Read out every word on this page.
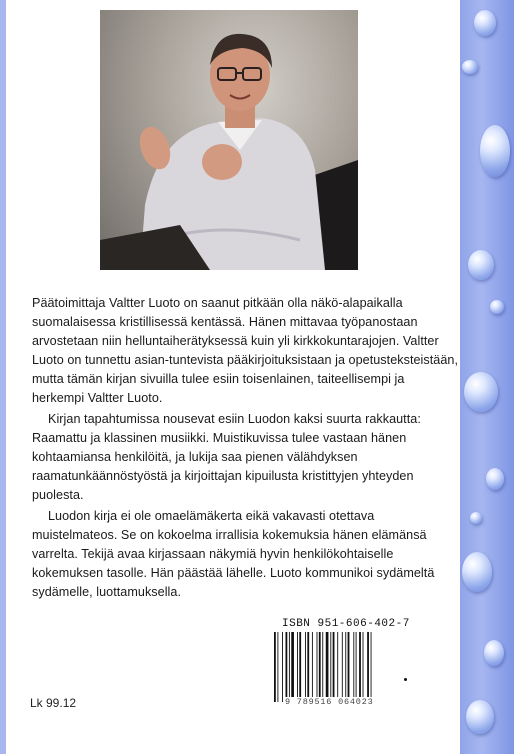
Päätoimittaja Valtter Luoto on saanut pitkään olla näkö-alapaikalla suomalaisessa kristillisessä kentässä. Hänen mittavaa työpanostaan arvostetaan niin helluntaiherätyksessä kuin yli kirkkokuntarajojen. Valtter Luoto on tunnettu asian-tuntevista pääkirjoituksistaan ja opetusteksteistään, mutta tämän kirjan sivuilla tulee esiin toisenlainen, taiteellisempi ja herkempi Valtter Luoto.

Kirjan tapahtumissa nousevat esiin Luodon kaksi suurta rakkautta: Raamattu ja klassinen musiikki. Muistikuvissa tulee vastaan hänen kohtaamiansa henkilöitä, ja lukija saa pienen välähdyksen raamatunkäännöstyöstä ja kirjoittajan kipuilusta kristittyjen yhteyden puolesta.

Luodon kirja ei ole omaelämäkerta eikä vakavasti otettava muistelmateos. Se on kokoelma irrallisia kokemuksia hänen elämänsä varrelta. Tekijä avaa kirjassaan näkymiä hyvin henkilökohtaiselle kokemuksen tasolle. Hän päästää lähelle. Luoto kommunikoi sydämeltä sydämelle, luottamuksella.

ISBN 951-606-402-7
9 789516 064023
Lk 99.12
